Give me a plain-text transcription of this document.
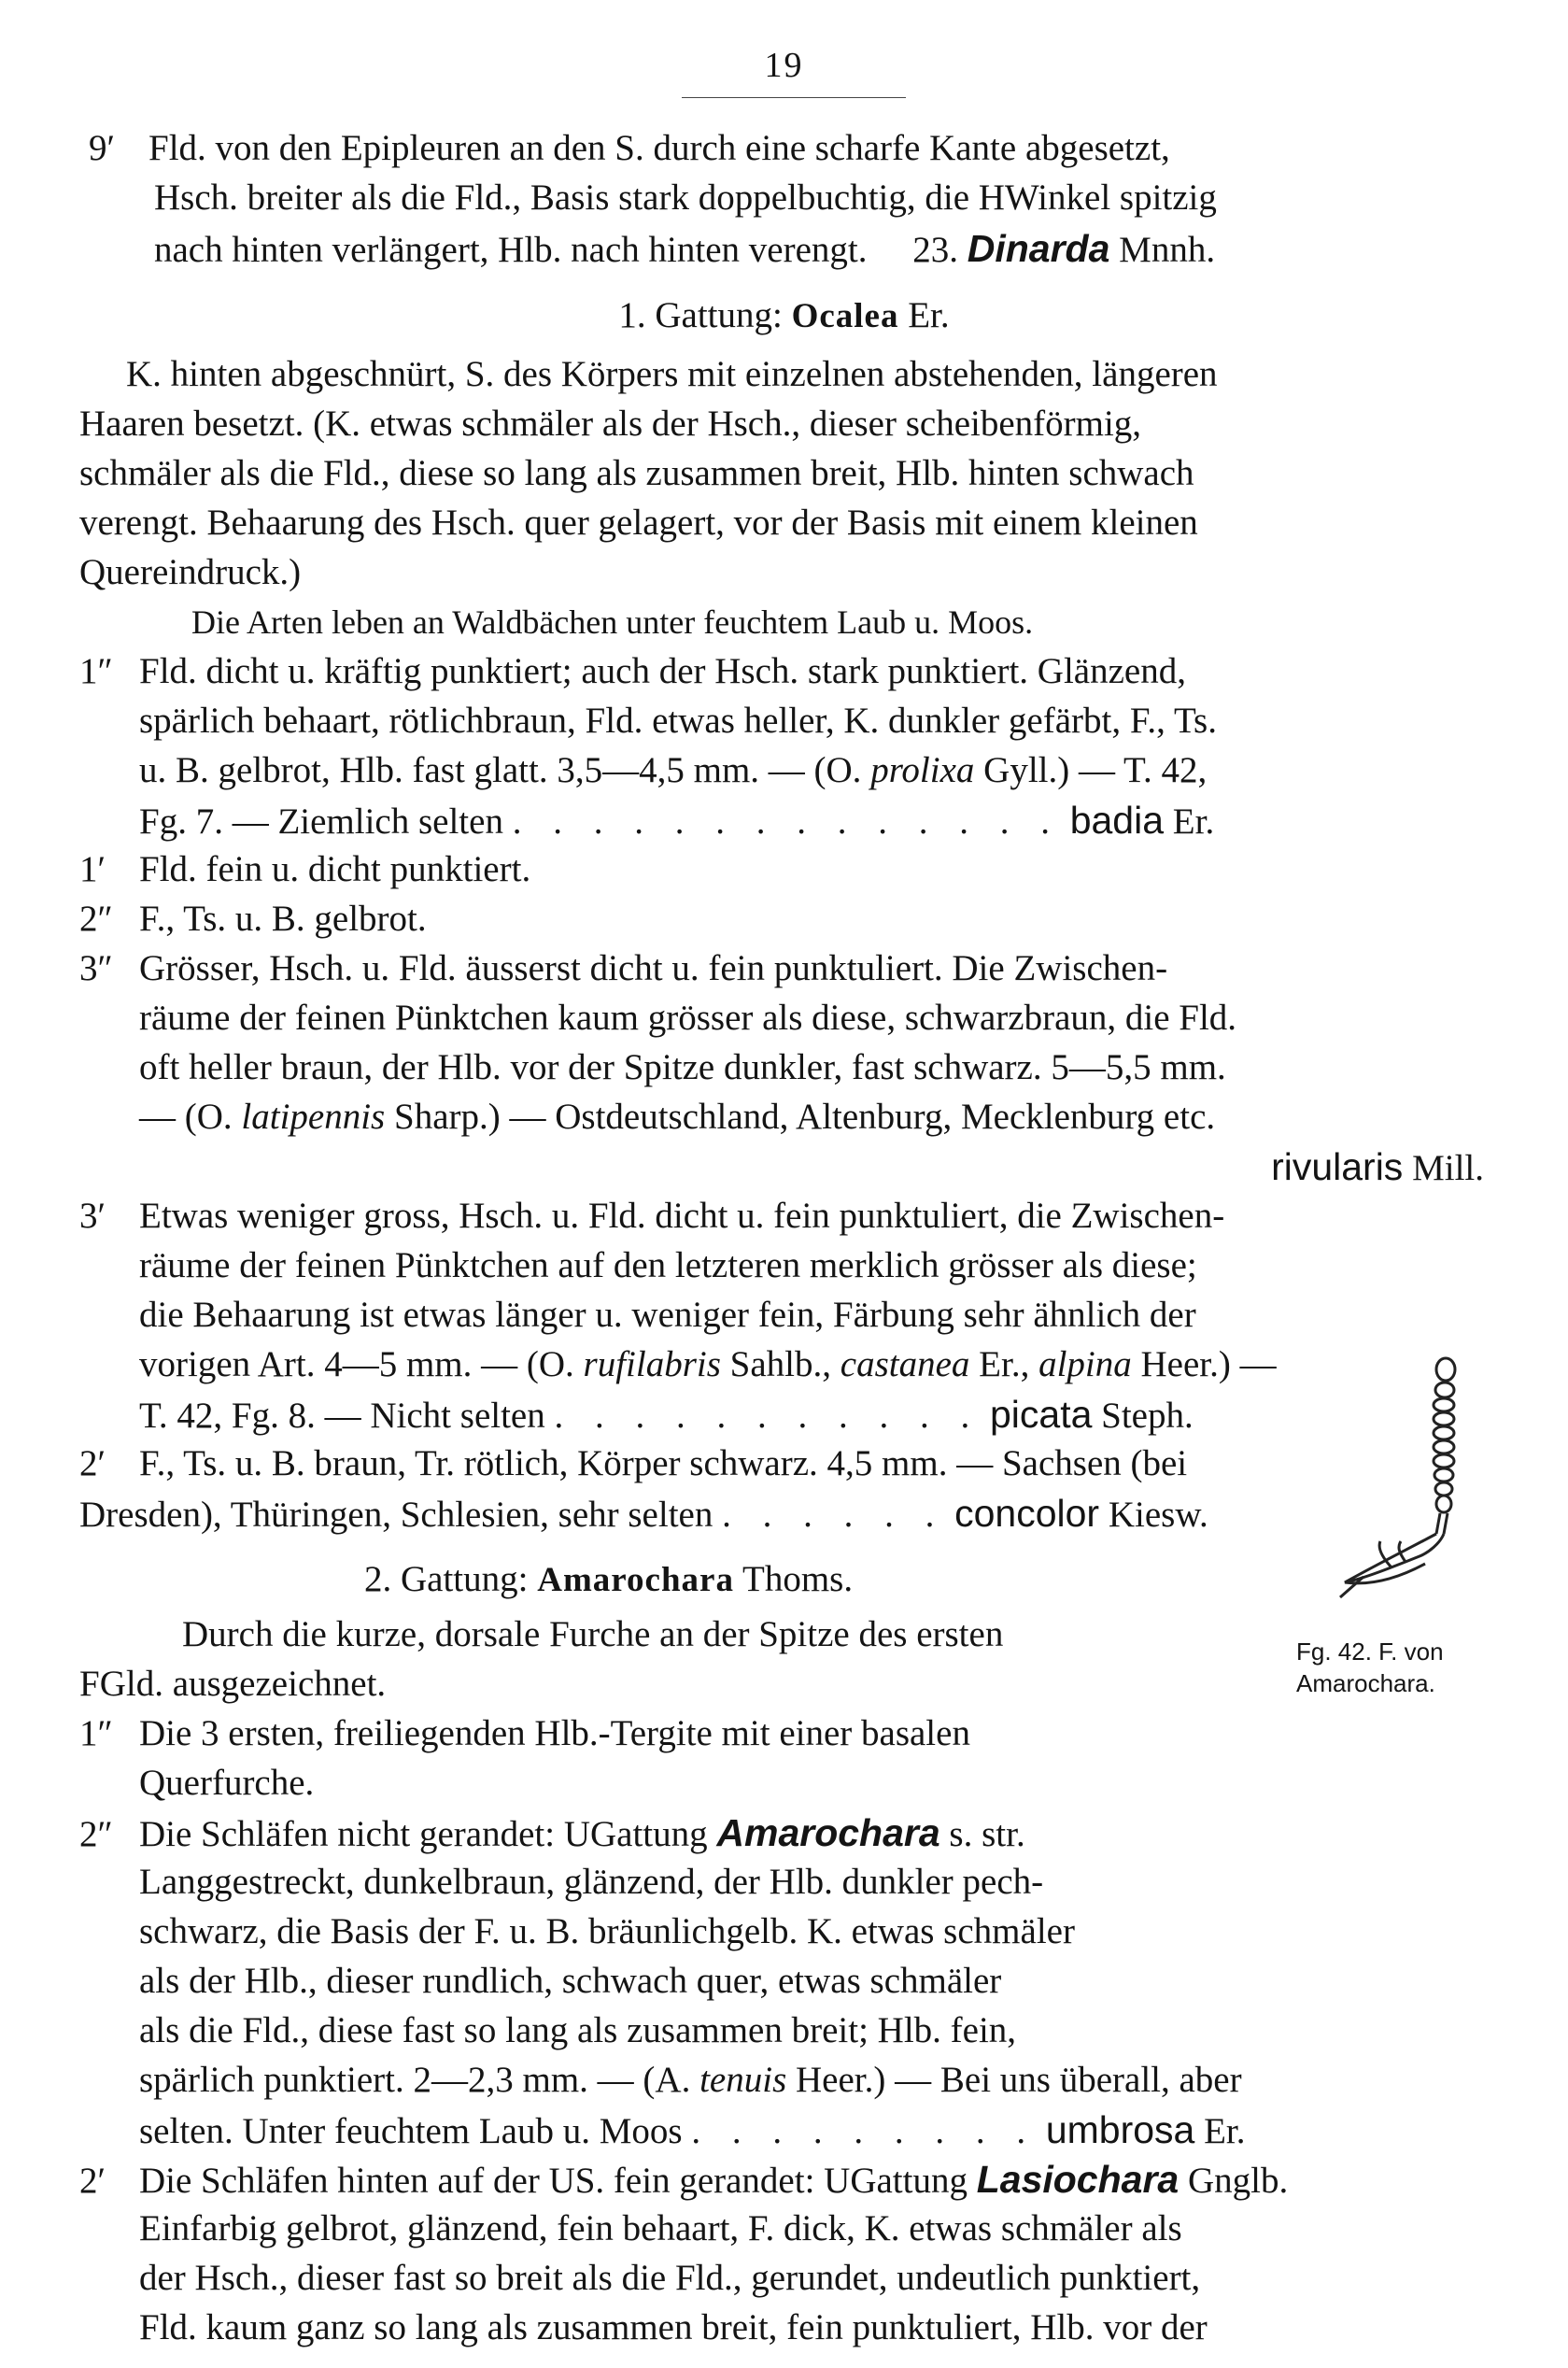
19
9′ Fld. von den Epipleuren an den S. durch eine scharfe Kante abgesetzt,
Hsch. breiter als die Fld., Basis stark doppelbuchtig, die HWinkel spitzig
nach hinten verlängert, Hlb. nach hinten verengt.     23. Dinarda Mnnh.
1. Gattung: Ocalea Er.
K. hinten abgeschnürt, S. des Körpers mit einzelnen abstehenden, längeren
Haaren besetzt. (K. etwas schmäler als der Hsch., dieser scheibenförmig,
schmäler als die Fld., diese so lang als zusammen breit, Hlb. hinten schwach
verengt. Behaarung des Hsch. quer gelagert, vor der Basis mit einem kleinen
Quereindruck.)
Die Arten leben an Waldbächen unter feuchtem Laub u. Moos.
1″ Fld. dicht u. kräftig punktiert; auch der Hsch. stark punktiert. Glänzend,
spärlich behaart, rötlichbraun, Fld. etwas heller, K. dunkler gefärbt, F., Ts.
u. B. gelbrot, Hlb. fast glatt. 3,5—4,5 mm. — (O. prolixa Gyll.) — T. 42,
Fg. 7. — Ziemlich selten . . . . . . . . . . . . . . badia Er.
1′ Fld. fein u. dicht punktiert.
2″ F., Ts. u. B. gelbrot.
3″ Grösser, Hsch. u. Fld. äusserst dicht u. fein punktuliert. Die Zwischen-
räume der feinen Pünktchen kaum grösser als diese, schwarzbraun, die Fld.
oft heller braun, der Hlb. vor der Spitze dunkler, fast schwarz. 5—5,5 mm.
— (O. latipennis Sharp.) — Ostdeutschland, Altenburg, Mecklenburg etc.
rivularis Mill.
3′ Etwas weniger gross, Hsch. u. Fld. dicht u. fein punktuliert, die Zwischen-
räume der feinen Pünktchen auf den letzteren merklich grösser als diese;
die Behaarung ist etwas länger u. weniger fein, Färbung sehr ähnlich der
vorigen Art. 4—5 mm. — (O. rufilabris Sahlb., castanea Er., alpina Heer.) —
T. 42, Fg. 8. — Nicht selten . . . . . . . . . . . picata Steph.
2′ F., Ts. u. B. braun, Tr. rötlich, Körper schwarz. 4,5 mm. — Sachsen (bei
Dresden), Thüringen, Schlesien, sehr selten . . . . . . concolor Kiesw.
2. Gattung: Amarochara Thoms.
Durch die kurze, dorsale Furche an der Spitze des ersten
FGld. ausgezeichnet.
1″ Die 3 ersten, freiliegenden Hlb.-Tergite mit einer basalen
Querfurche.
2″ Die Schläfen nicht gerandet: UGattung Amarochara s. str.
Langgestreckt, dunkelbraun, glänzend, der Hlb. dunkler pech-
schwarz, die Basis der F. u. B. bräunlichgelb. K. etwas schmäler
als der Hlb., dieser rundlich, schwach quer, etwas schmäler
als die Fld., diese fast so lang als zusammen breit; Hlb. fein,
spärlich punktiert. 2—2,3 mm. — (A. tenuis Heer.) — Bei uns überall, aber
selten. Unter feuchtem Laub u. Moos . . . . . . . . . umbrosa Er.
2′ Die Schläfen hinten auf der US. fein gerandet: UGattung Lasiochara Gnglb.
Einfarbig gelbrot, glänzend, fein behaart, F. dick, K. etwas schmäler als
der Hsch., dieser fast so breit als die Fld., gerundet, undeutlich punktiert,
Fld. kaum ganz so lang als zusammen breit, fein punktuliert, Hlb. vor der
Fg. 42. F. von
Amarochara.
